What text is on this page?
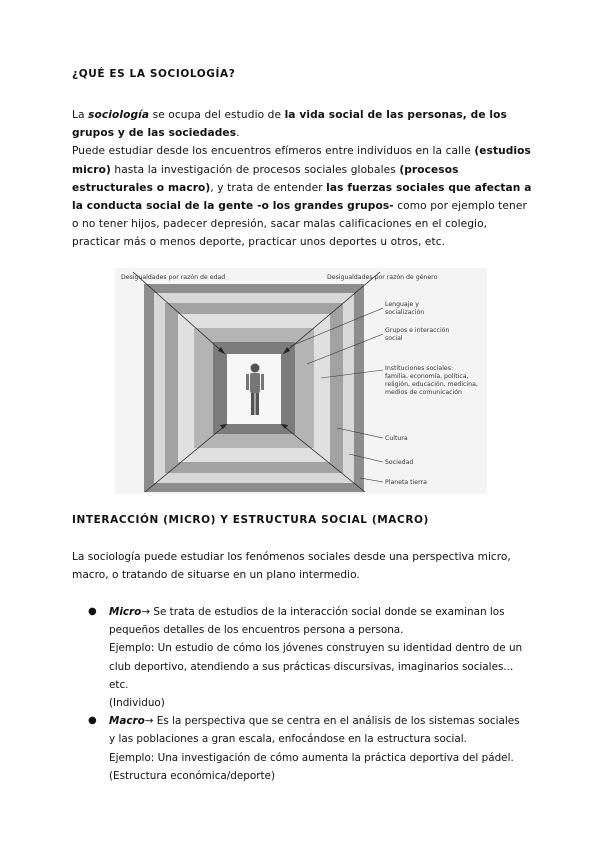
¿QUÉ ES LA SOCIOLOGÍA?
La sociología se ocupa del estudio de la vida social de las personas, de los grupos y de las sociedades.
Puede estudiar desde los encuentros efímeros entre individuos en la calle (estudios micro) hasta la investigación de procesos sociales globales (procesos estructurales o macro), y trata de entender las fuerzas sociales que afectan a la conducta social de la gente -o los grandes grupos- como por ejemplo tener o no tener hijos, padecer depresión, sacar malas calificaciones en el colegio, practicar más o menos deporte, practicar unos deportes u otros, etc.
Desigualdades por razón de edad	Desigualdades por razón de género
Lenguaje y
socialización
Grupos e interacción
social
Instituciones sociales:
familia, economía, política,
religión, educación, medicina,
medios de comunicación
Cultura
Sociedad
Planeta tierra
INTERACCIÓN (MICRO) Y ESTRUCTURA SOCIAL (MACRO)
La sociología puede estudiar los fenómenos sociales desde una perspectiva micro, macro, o tratando de situarse en un plano intermedio.
● Micro→ Se trata de estudios de la interacción social donde se examinan los pequeños detalles de los encuentros persona a persona.
Ejemplo: Un estudio de cómo los jóvenes construyen su identidad dentro de un club deportivo, atendiendo a sus prácticas discursivas, imaginarios sociales... etc.
(Individuo)
● Macro→ Es la perspectiva que se centra en el análisis de los sistemas sociales y las poblaciones a gran escala, enfocándose en la estructura social.
Ejemplo: Una investigación de cómo aumenta la práctica deportiva del pádel.
(Estructura económica/deporte)
